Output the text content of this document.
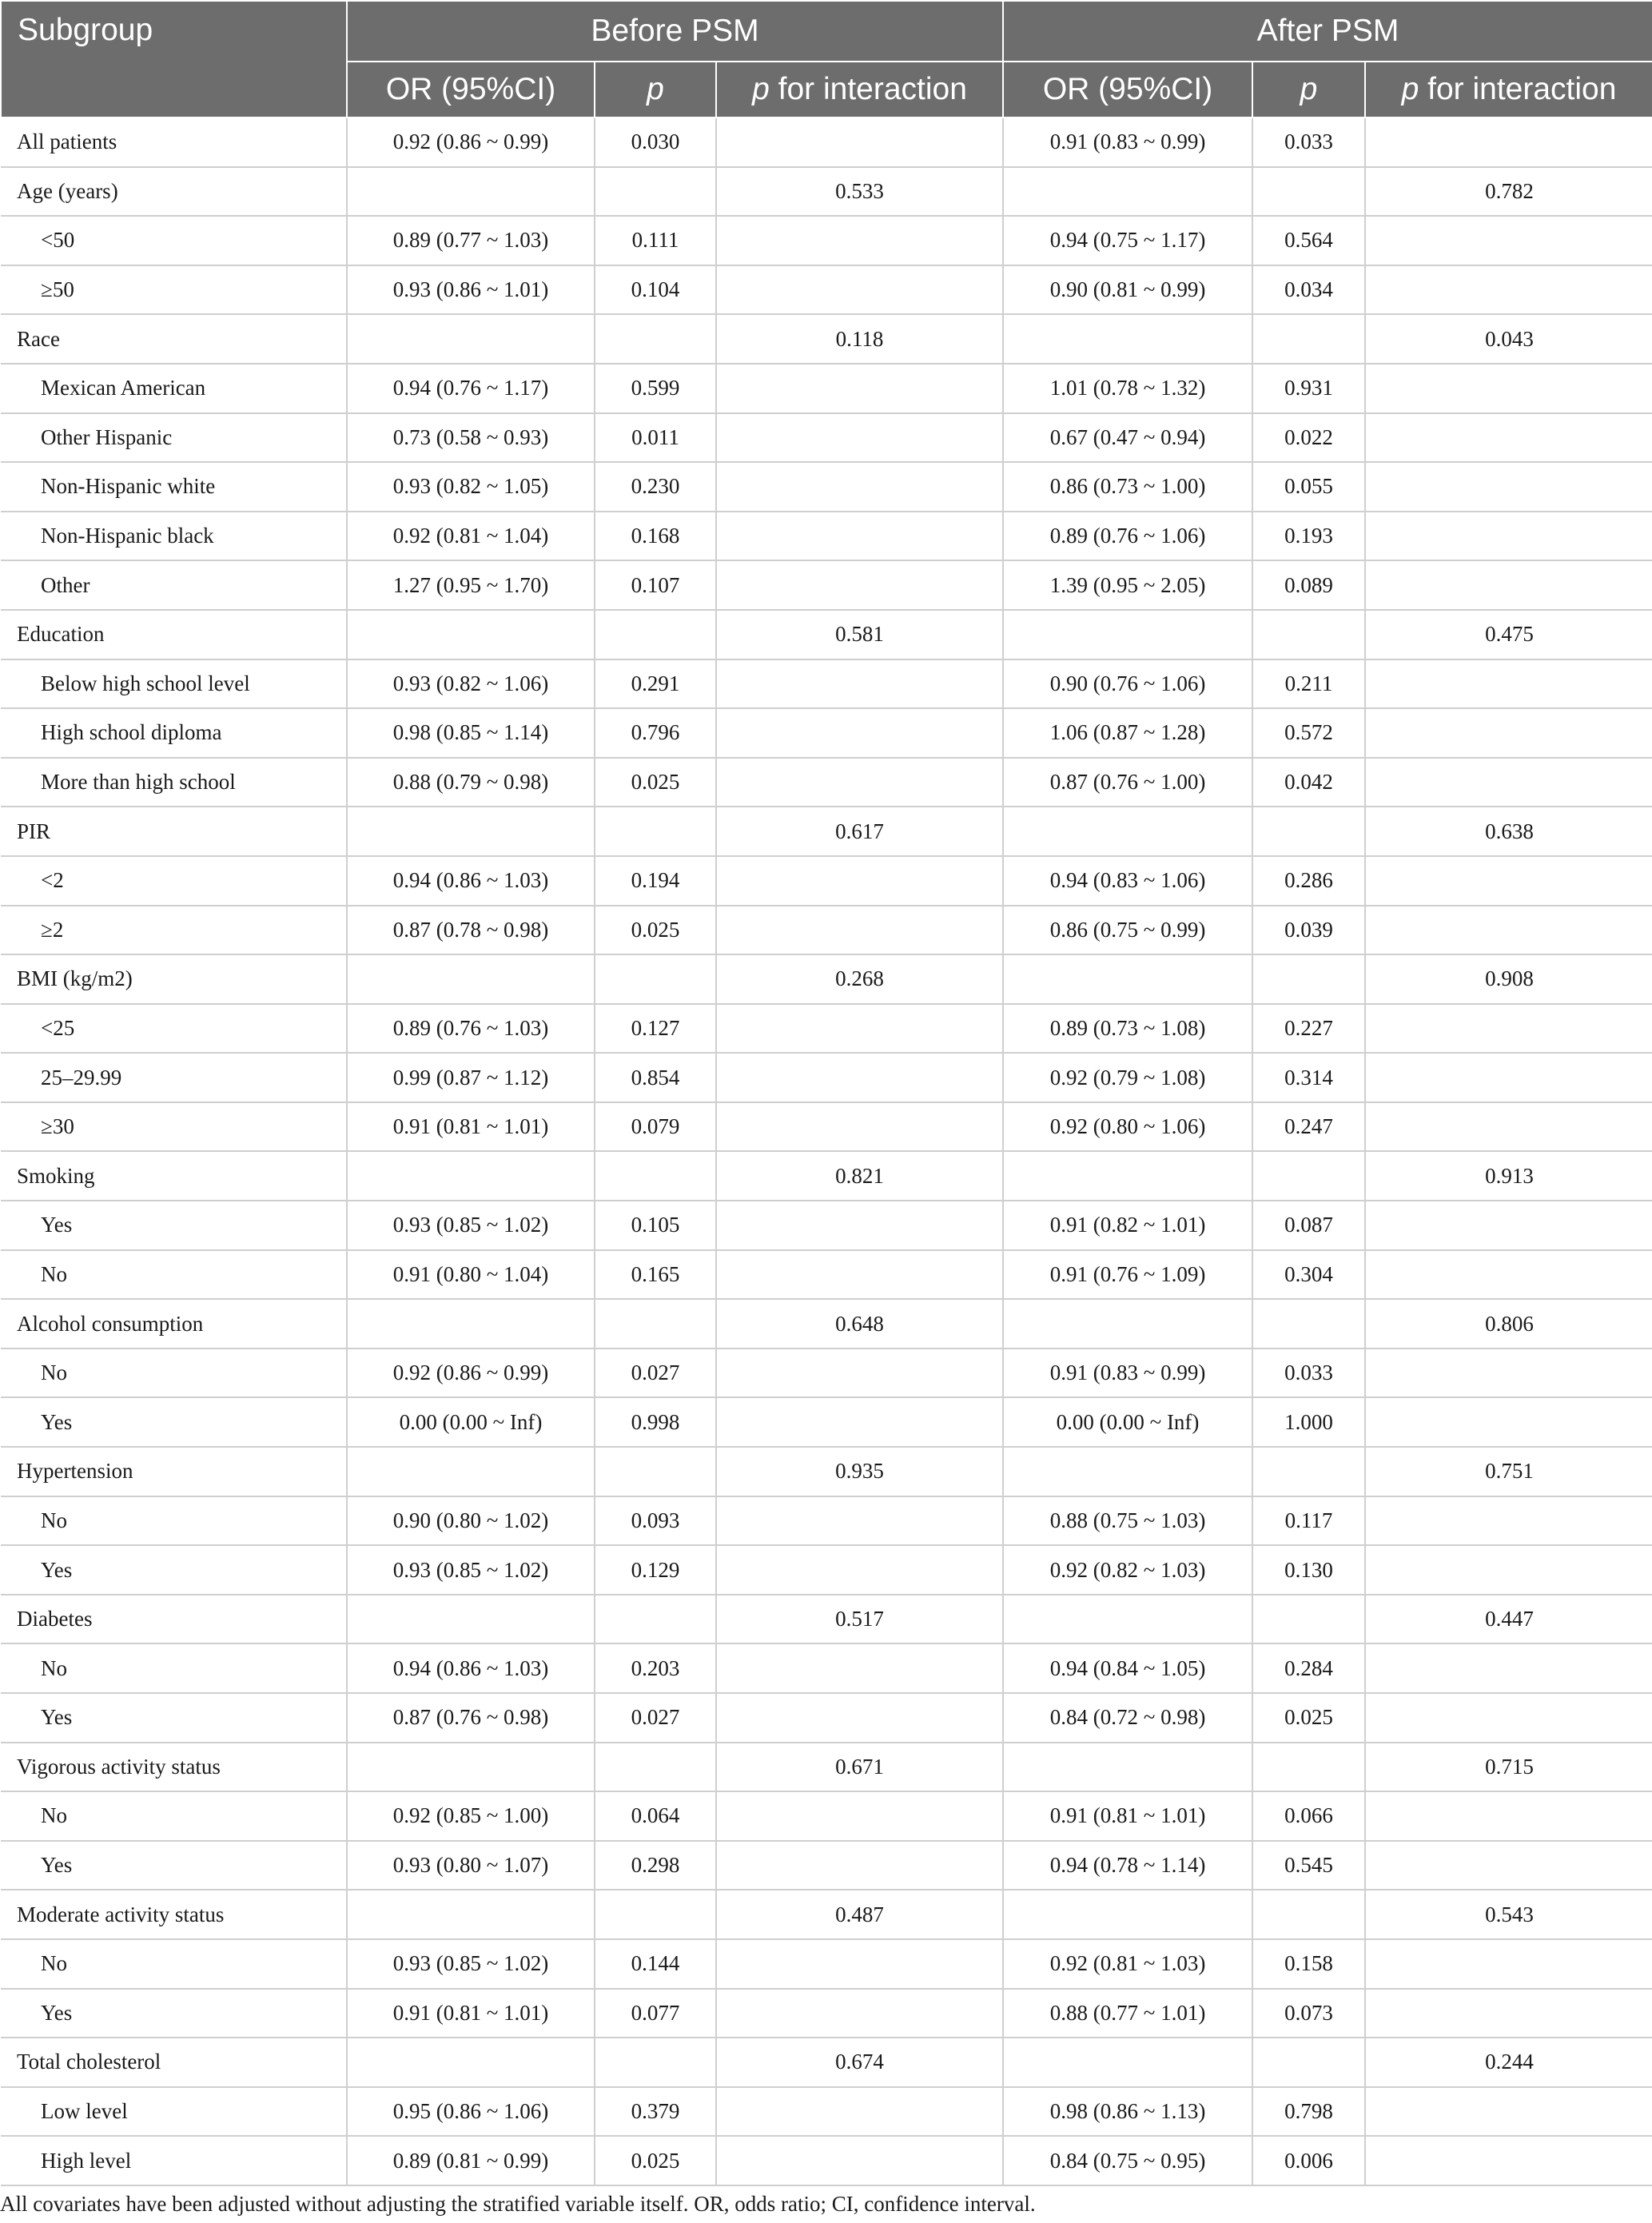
Subgroup	Before PSM			After PSM		
	OR (95%CI)	p	p for interaction	OR (95%CI)	p	p for interaction
All patients	0.92 (0.86 ~ 0.99)	0.030		0.91 (0.83 ~ 0.99)	0.033	
Age (years)			0.533			0.782
<50	0.89 (0.77 ~ 1.03)	0.111		0.94 (0.75 ~ 1.17)	0.564	
≥50	0.93 (0.86 ~ 1.01)	0.104		0.90 (0.81 ~ 0.99)	0.034	
Race			0.118			0.043
Mexican American	0.94 (0.76 ~ 1.17)	0.599		1.01 (0.78 ~ 1.32)	0.931	
Other Hispanic	0.73 (0.58 ~ 0.93)	0.011		0.67 (0.47 ~ 0.94)	0.022	
Non-Hispanic white	0.93 (0.82 ~ 1.05)	0.230		0.86 (0.73 ~ 1.00)	0.055	
Non-Hispanic black	0.92 (0.81 ~ 1.04)	0.168		0.89 (0.76 ~ 1.06)	0.193	
Other	1.27 (0.95 ~ 1.70)	0.107		1.39 (0.95 ~ 2.05)	0.089	
Education			0.581			0.475
Below high school level	0.93 (0.82 ~ 1.06)	0.291		0.90 (0.76 ~ 1.06)	0.211	
High school diploma	0.98 (0.85 ~ 1.14)	0.796		1.06 (0.87 ~ 1.28)	0.572	
More than high school	0.88 (0.79 ~ 0.98)	0.025		0.87 (0.76 ~ 1.00)	0.042	
PIR			0.617			0.638
<2	0.94 (0.86 ~ 1.03)	0.194		0.94 (0.83 ~ 1.06)	0.286	
≥2	0.87 (0.78 ~ 0.98)	0.025		0.86 (0.75 ~ 0.99)	0.039	
BMI (kg/m2)			0.268			0.908
<25	0.89 (0.76 ~ 1.03)	0.127		0.89 (0.73 ~ 1.08)	0.227	
25–29.99	0.99 (0.87 ~ 1.12)	0.854		0.92 (0.79 ~ 1.08)	0.314	
≥30	0.91 (0.81 ~ 1.01)	0.079		0.92 (0.80 ~ 1.06)	0.247	
Smoking			0.821			0.913
Yes	0.93 (0.85 ~ 1.02)	0.105		0.91 (0.82 ~ 1.01)	0.087	
No	0.91 (0.80 ~ 1.04)	0.165		0.91 (0.76 ~ 1.09)	0.304	
Alcohol consumption			0.648			0.806
No	0.92 (0.86 ~ 0.99)	0.027		0.91 (0.83 ~ 0.99)	0.033	
Yes	0.00 (0.00 ~ Inf)	0.998		0.00 (0.00 ~ Inf)	1.000	
Hypertension			0.935			0.751
No	0.90 (0.80 ~ 1.02)	0.093		0.88 (0.75 ~ 1.03)	0.117	
Yes	0.93 (0.85 ~ 1.02)	0.129		0.92 (0.82 ~ 1.03)	0.130	
Diabetes			0.517			0.447
No	0.94 (0.86 ~ 1.03)	0.203		0.94 (0.84 ~ 1.05)	0.284	
Yes	0.87 (0.76 ~ 0.98)	0.027		0.84 (0.72 ~ 0.98)	0.025	
Vigorous activity status			0.671			0.715
No	0.92 (0.85 ~ 1.00)	0.064		0.91 (0.81 ~ 1.01)	0.066	
Yes	0.93 (0.80 ~ 1.07)	0.298		0.94 (0.78 ~ 1.14)	0.545	
Moderate activity status			0.487			0.543
No	0.93 (0.85 ~ 1.02)	0.144		0.92 (0.81 ~ 1.03)	0.158	
Yes	0.91 (0.81 ~ 1.01)	0.077		0.88 (0.77 ~ 1.01)	0.073	
Total cholesterol			0.674			0.244
Low level	0.95 (0.86 ~ 1.06)	0.379		0.98 (0.86 ~ 1.13)	0.798	
High level	0.89 (0.81 ~ 0.99)	0.025		0.84 (0.75 ~ 0.95)	0.006	
All covariates have been adjusted without adjusting the stratified variable itself. OR, odds ratio; CI, confidence interval.
